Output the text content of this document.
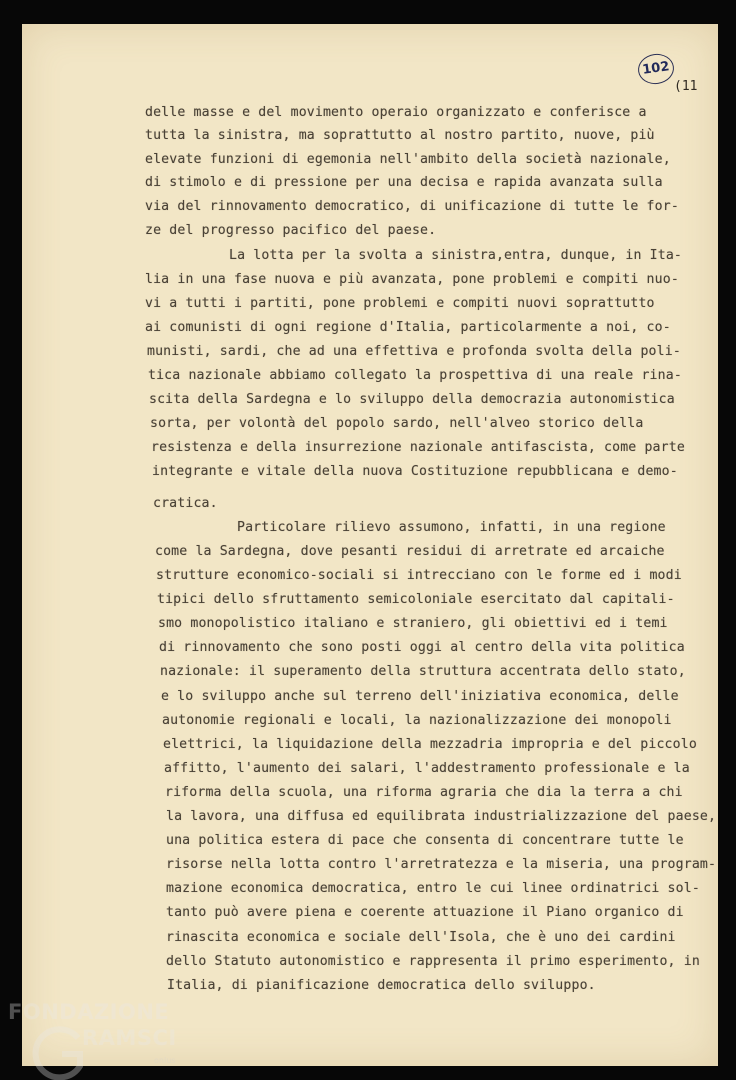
102
(11
delle masse e del movimento operaio organizzato e conferisce a
tutta la sinistra, ma soprattutto al nostro partito, nuove, più
elevate funzioni di egemonia nell'ambito della società nazionale,
di stimolo e di pressione per una decisa e rapida avanzata sulla
via del rinnovamento democratico, di unificazione di tutte le for-
ze del progresso pacifico del paese.
La lotta per la svolta a sinistra,entra, dunque, in Ita-
lia in una fase nuova e più avanzata, pone problemi e compiti nuo-
vi a tutti i partiti, pone problemi e compiti nuovi soprattutto
ai comunisti di ogni regione d'Italia, particolarmente a noi, co-
munisti, sardi, che ad una effettiva e profonda svolta della poli-
tica nazionale abbiamo collegato la prospettiva di una reale rina-
scita della Sardegna e lo sviluppo della democrazia autonomistica
sorta, per volontà del popolo sardo, nell'alveo storico della
resistenza e della insurrezione nazionale antifascista, come parte
integrante e vitale della nuova Costituzione repubblicana e demo-
cratica.
Particolare rilievo assumono, infatti, in una regione
come la Sardegna, dove pesanti residui di arretrate ed arcaiche
strutture economico-sociali si intrecciano con le forme ed i modi
tipici dello sfruttamento semicoloniale esercitato dal capitali-
smo monopolistico italiano e straniero, gli obiettivi ed i temi
di rinnovamento che sono posti oggi al centro della vita politica
nazionale: il superamento della struttura accentrata dello stato,
e lo sviluppo anche sul terreno dell'iniziativa economica, delle
autonomie regionali e locali, la nazionalizzazione dei monopoli
elettrici, la liquidazione della mezzadria impropria e del piccolo
affitto, l'aumento dei salari, l'addestramento professionale e la
riforma della scuola, una riforma agraria che dia la terra a chi
la lavora, una diffusa ed equilibrata industrializzazione del paese,
una politica estera di pace che consenta di concentrare tutte le
risorse nella lotta contro l'arretratezza e la miseria, una program-
mazione economica democratica, entro le cui linee ordinatrici sol-
tanto può avere piena e coerente attuazione il Piano organico di
rinascita economica e sociale dell'Isola, che è uno dei cardini
dello Statuto autonomistico e rappresenta il primo esperimento, in
Italia, di pianificazione democratica dello sviluppo.
FONDAZIONE
RAMSCI
onlus
